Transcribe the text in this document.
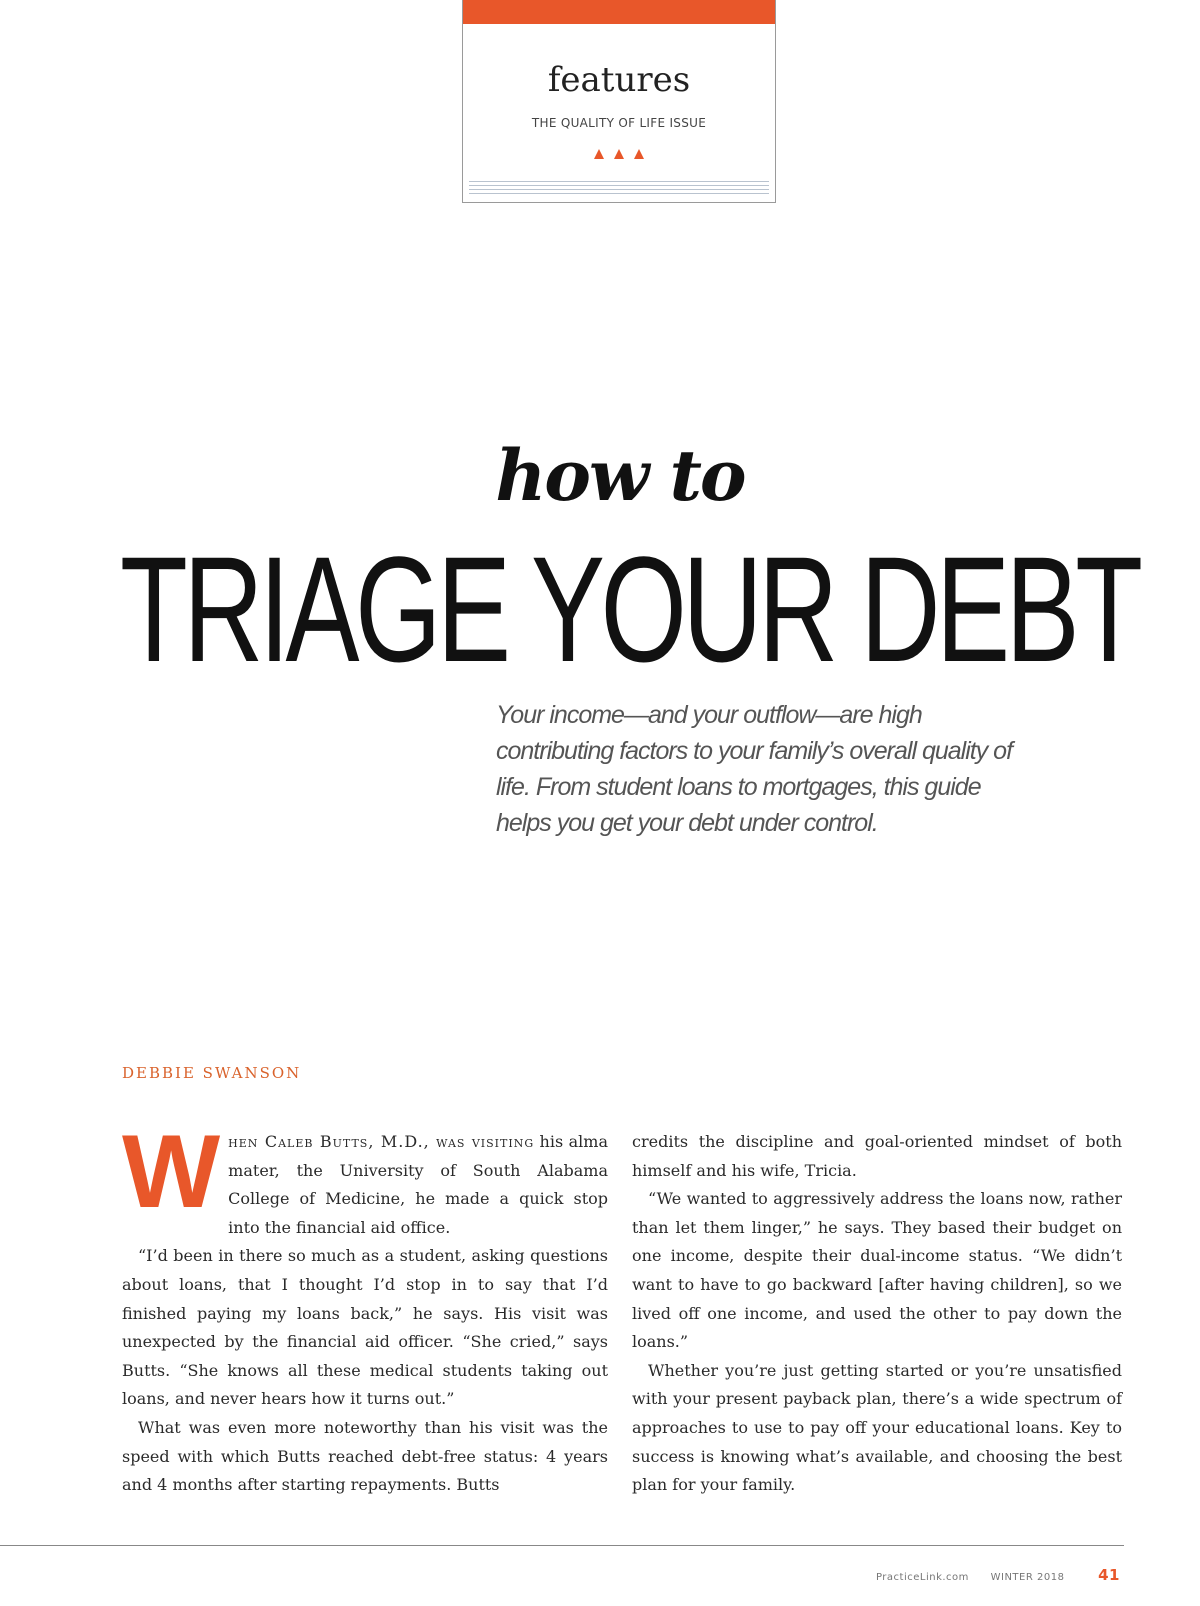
features
THE QUALITY OF LIFE ISSUE
how to
TRIAGE YOUR DEBT
Your income—and your outflow—are high contributing factors to your family’s overall quality of life. From student loans to mortgages, this guide helps you get your debt under control.
DEBBIE SWANSON

When Caleb Butts, M.D., was visiting his alma mater, the University of South Alabama College of Medicine, he made a quick stop into the financial aid office.

“I’d been in there so much as a student, asking questions about loans, that I thought I’d stop in to say that I’d finished paying my loans back,” he says. His visit was unexpected by the financial aid officer. “She cried,” says Butts. “She knows all these medical students taking out loans, and never hears how it turns out.”

What was even more noteworthy than his visit was the speed with which Butts reached debt-free status: 4 years and 4 months after starting repayments. Butts

credits the discipline and goal-oriented mindset of both himself and his wife, Tricia.

“We wanted to aggressively address the loans now, rather than let them linger,” he says. They based their budget on one income, despite their dual-income status. “We didn’t want to have to go backward [after having children], so we lived off one income, and used the other to pay down the loans.”

Whether you’re just getting started or you’re unsatisfied with your present payback plan, there’s a wide spectrum of approaches to use to pay off your educational loans. Key to success is knowing what’s available, and choosing the best plan for your family.

PracticeLink.com WINTER 2018 41
